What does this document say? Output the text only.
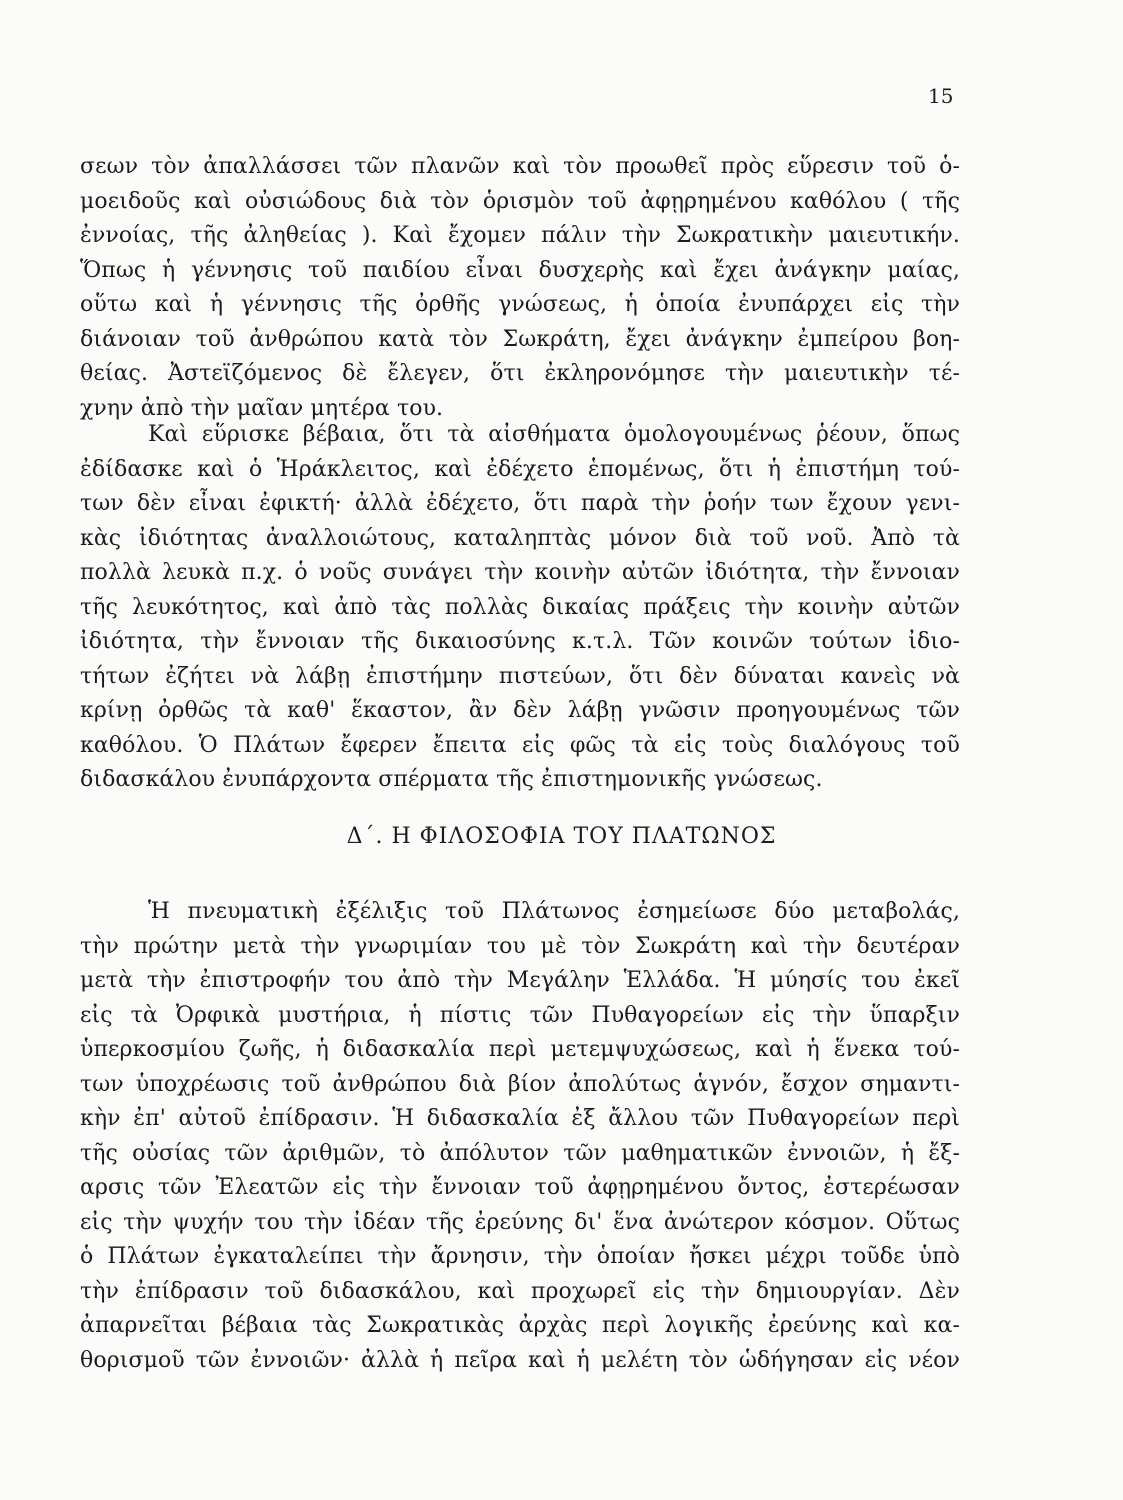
15
σεων τὸν ἀπαλλάσσει τῶν πλανῶν καὶ τὸν προωθεῖ πρὸς εὕρεσιν τοῦ ὁ-
μοειδοῦς καὶ οὐσιώδους διὰ τὸν ὁρισμὸν τοῦ ἀφῃρημένου καθόλου ( τῆς
ἐννοίας, τῆς ἀληθείας ). Καὶ ἔχομεν πάλιν τὴν Σωκρατικὴν μαιευτικήν.
Ὅπως ἡ γέννησις τοῦ παιδίου εἶναι δυσχερὴς καὶ ἔχει ἀνάγκην μαίας,
οὕτω καὶ ἡ γέννησις τῆς ὀρθῆς γνώσεως, ἡ ὁποία ἐνυπάρχει εἰς τὴν
διάνοιαν τοῦ ἀνθρώπου κατὰ τὸν Σωκράτη, ἔχει ἀνάγκην ἐμπείρου βοη-
θείας. Ἀστεϊζόμενος δὲ ἔλεγεν, ὅτι ἐκληρονόμησε τὴν μαιευτικὴν τέ-
χνην ἀπὸ τὴν μαῖαν μητέρα του.
Καὶ εὕρισκε βέβαια, ὅτι τὰ αἰσθήματα ὁμολογουμένως ῥέουν, ὅπως
ἐδίδασκε καὶ ὁ Ἡράκλειτος, καὶ ἐδέχετο ἑπομένως, ὅτι ἡ ἐπιστήμη τού-
των δὲν εἶναι ἐφικτή· ἀλλὰ ἐδέχετο, ὅτι παρὰ τὴν ῥοήν των ἔχουν γενι-
κὰς ἰδιότητας ἀναλλοιώτους, καταληπτὰς μόνον διὰ τοῦ νοῦ. Ἀπὸ τὰ
πολλὰ λευκὰ π.χ. ὁ νοῦς συνάγει τὴν κοινὴν αὐτῶν ἰδιότητα, τὴν ἔννοιαν
τῆς λευκότητος, καὶ ἀπὸ τὰς πολλὰς δικαίας πράξεις τὴν κοινὴν αὐτῶν
ἰδιότητα, τὴν ἔννοιαν τῆς δικαιοσύνης κ.τ.λ. Τῶν κοινῶν τούτων ἰδιο-
τήτων ἐζήτει νὰ λάβῃ ἐπιστήμην πιστεύων, ὅτι δὲν δύναται κανεὶς νὰ
κρίνῃ ὀρθῶς τὰ καθ' ἕκαστον, ἂν δὲν λάβῃ γνῶσιν προηγουμένως τῶν
καθόλου. Ὁ Πλάτων ἔφερεν ἔπειτα εἰς φῶς τὰ εἰς τοὺς διαλόγους τοῦ
διδασκάλου ἐνυπάρχοντα σπέρματα τῆς ἐπιστημονικῆς γνώσεως.
Δ΄. Η ΦΙΛΟΣΟΦΙΑ ΤΟΥ ΠΛΑΤΩΝΟΣ
Ἡ πνευματικὴ ἐξέλιξις τοῦ Πλάτωνος ἐσημείωσε δύο μεταβολάς,
τὴν πρώτην μετὰ τὴν γνωριμίαν του μὲ τὸν Σωκράτη καὶ τὴν δευτέραν
μετὰ τὴν ἐπιστροφήν του ἀπὸ τὴν Μεγάλην Ἑλλάδα. Ἡ μύησίς του ἐκεῖ
εἰς τὰ Ὀρφικὰ μυστήρια, ἡ πίστις τῶν Πυθαγορείων εἰς τὴν ὕπαρξιν
ὑπερκοσμίου ζωῆς, ἡ διδασκαλία περὶ μετεμψυχώσεως, καὶ ἡ ἕνεκα τού-
των ὑποχρέωσις τοῦ ἀνθρώπου διὰ βίον ἀπολύτως ἁγνόν, ἔσχον σημαντι-
κὴν ἐπ' αὐτοῦ ἐπίδρασιν. Ἡ διδασκαλία ἐξ ἄλλου τῶν Πυθαγορείων περὶ
τῆς οὐσίας τῶν ἀριθμῶν, τὸ ἀπόλυτον τῶν μαθηματικῶν ἐννοιῶν, ἡ ἔξ-
αρσις τῶν Ἐλεατῶν εἰς τὴν ἔννοιαν τοῦ ἀφῃρημένου ὄντος, ἐστερέωσαν
εἰς τὴν ψυχήν του τὴν ἰδέαν τῆς ἐρεύνης δι' ἕνα ἀνώτερον κόσμον. Οὕτως
ὁ Πλάτων ἐγκαταλείπει τὴν ἄρνησιν, τὴν ὁποίαν ἤσκει μέχρι τοῦδε ὑπὸ
τὴν ἐπίδρασιν τοῦ διδασκάλου, καὶ προχωρεῖ εἰς τὴν δημιουργίαν. Δὲν
ἀπαρνεῖται βέβαια τὰς Σωκρατικὰς ἀρχὰς περὶ λογικῆς ἐρεύνης καὶ κα-
θορισμοῦ τῶν ἐννοιῶν· ἀλλὰ ἡ πεῖρα καὶ ἡ μελέτη τὸν ὡδήγησαν εἰς νέον
